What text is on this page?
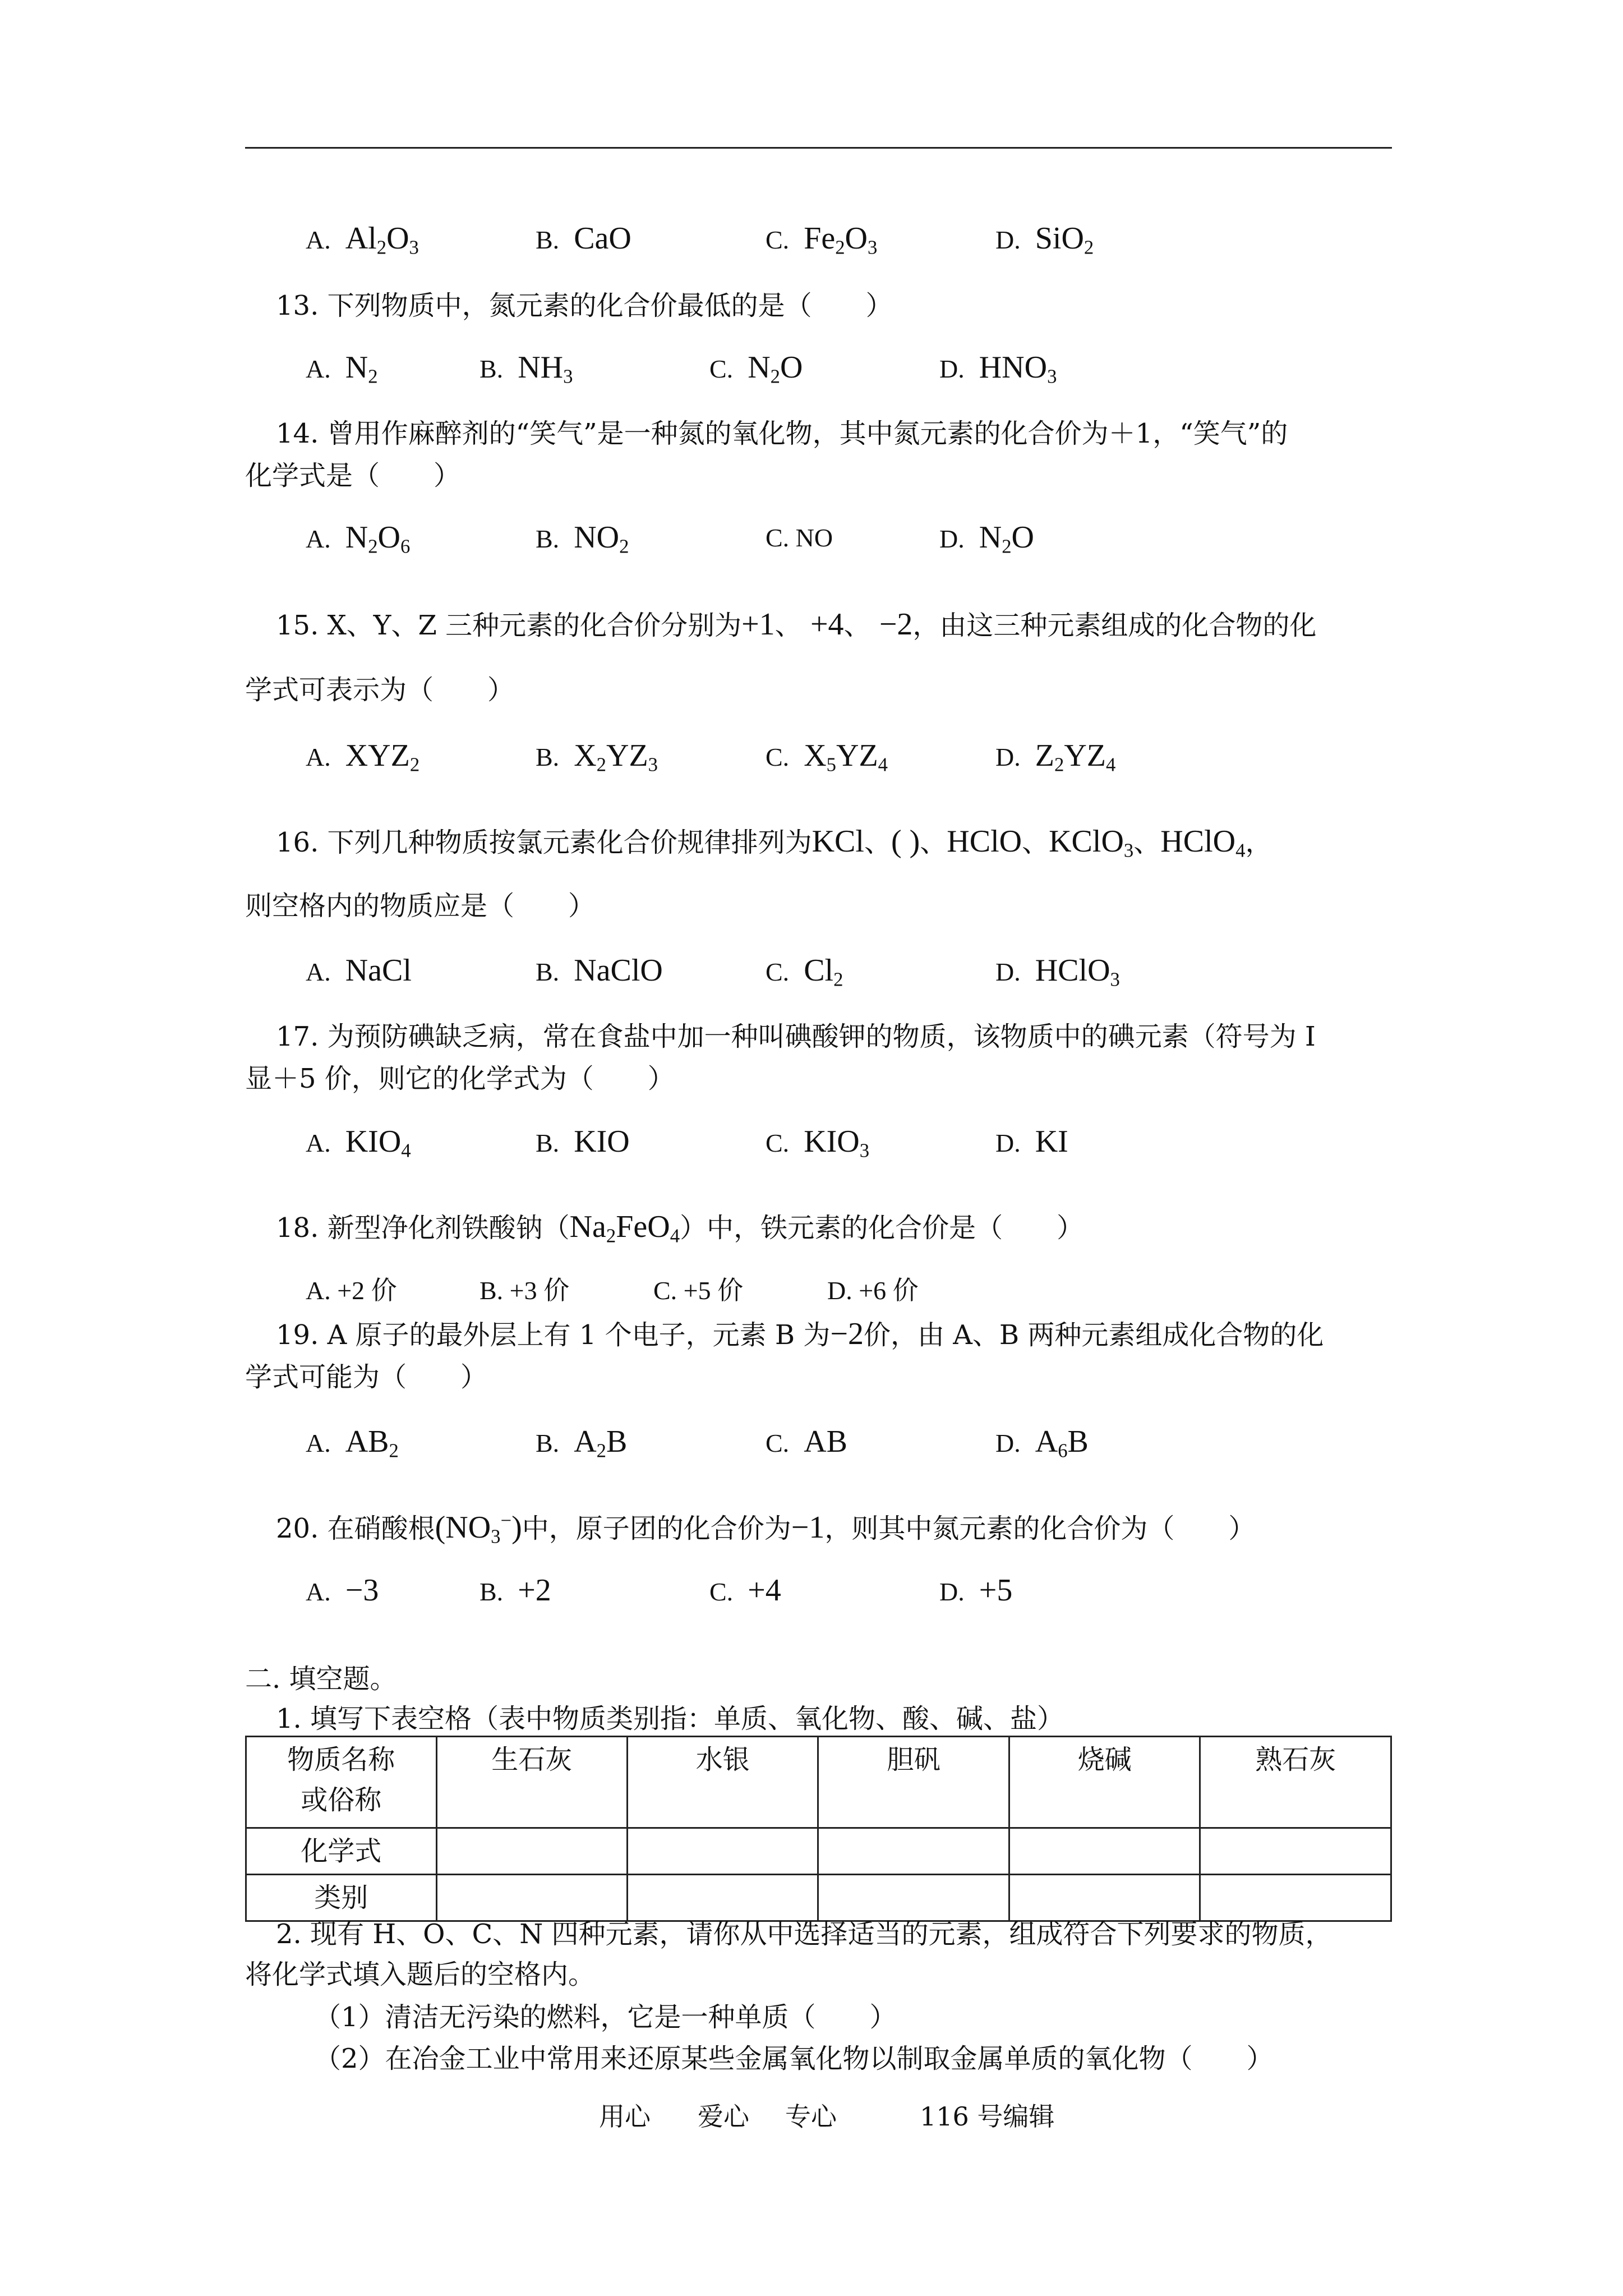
A. $Al_2O_3$	B. CaO	C. $Fe_2O_3$	D. SiO$_2$
13. 下列物质中，氮元素的化合价最低的是（　　）
A. $N_2$	B. $NH_3$	C. $N_2O$	D. $HNO_3$
14. 曾用作麻醉剂的“笑气”是一种氮的氧化物，其中氮元素的化合价为＋1，“笑气”的
化学式是（　　）
A. $N_2O_6$	B. $NO_2$	C. NO	D. $N_2O$
15. X、Y、Z 三种元素的化合价分别为+1、 +4、 −2，由这三种元素组成的化合物的化
学式可表示为（　　）
A. $XYZ_2$	B. $X_2YZ_3$	C. $X_5YZ_4$	D. $Z_2YZ_4$
16. 下列几种物质按氯元素化合价规律排列为KCl、( )、HClO、KClO$_3$、HClO$_4$，
则空格内的物质应是（　　）
A. NaCl	B. NaClO	C. $Cl_2$	D. HClO$_3$
17. 为预防碘缺乏病，常在食盐中加一种叫碘酸钾的物质，该物质中的碘元素（符号为 I
显＋5 价，则它的化学式为（　　）
A. $KIO_4$	B. KIO	C. $KIO_3$	D. KI
18. 新型净化剂铁酸钠$(Na_2FeO_4)$中，铁元素的化合价是（　　）
A. +2 价	B. +3 价	C. +5 价	D. +6 价
19. A 原子的最外层上有 1 个电子，元素 B 为−2价，由 A、B 两种元素组成化合物的化
学式可能为（　　）
A. $AB_2$	B. $A_2B$	C. AB	D. $A_6B$
20. 在硝酸根$(NO_3^-)$中，原子团的化合价为−1，则其中氮元素的化合价为（　　）
A. −3	B. +2	C. +4	D. +5
二. 填空题。
1. 填写下表空格（表中物质类别指：单质、氧化物、酸、碱、盐）
物质名称
或俗称	生石灰	水银	胆矾	烧碱	熟石灰
化学式					
类别					
2. 现有 H、O、C、N 四种元素，请你从中选择适当的元素，组成符合下列要求的物质，
将化学式填入题后的空格内。
（1）清洁无污染的燃料，它是一种单质（　　）
（2）在冶金工业中常用来还原某些金属氧化物以制取金属单质的氧化物（　　）
用心 爱心 专心	116 号编辑
